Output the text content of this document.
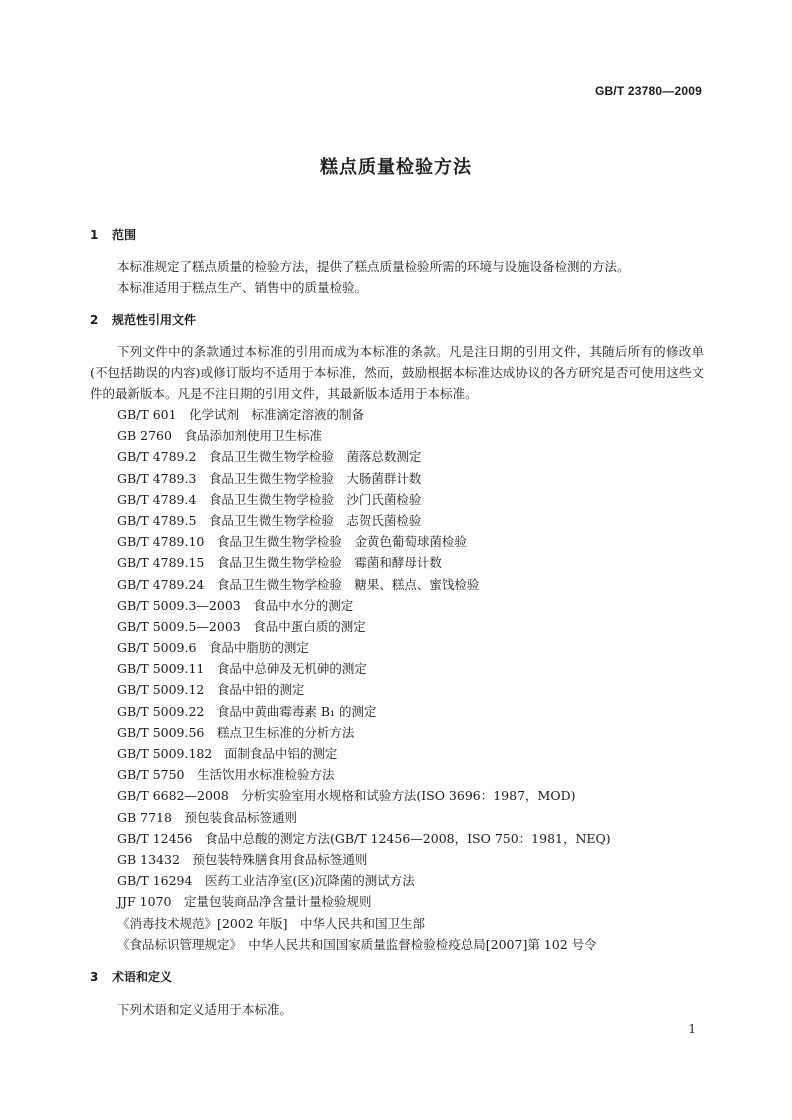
GB/T 23780—2009
糕点质量检验方法
1 范围
本标准规定了糕点质量的检验方法，提供了糕点质量检验所需的环境与设施设备检测的方法。
本标准适用于糕点生产、销售中的质量检验。
2 规范性引用文件
下列文件中的条款通过本标准的引用而成为本标准的条款。凡是注日期的引用文件，其随后所有的修改单(不包括勘误的内容)或修订版均不适用于本标准，然而，鼓励根据本标准达成协议的各方研究是否可使用这些文件的最新版本。凡是不注日期的引用文件，其最新版本适用于本标准。
GB/T 601　化学试剂　标准滴定溶液的制备
GB 2760　食品添加剂使用卫生标准
GB/T 4789.2　食品卫生微生物学检验　菌落总数测定
GB/T 4789.3　食品卫生微生物学检验　大肠菌群计数
GB/T 4789.4　食品卫生微生物学检验　沙门氏菌检验
GB/T 4789.5　食品卫生微生物学检验　志贺氏菌检验
GB/T 4789.10　食品卫生微生物学检验　金黄色葡萄球菌检验
GB/T 4789.15　食品卫生微生物学检验　霉菌和酵母计数
GB/T 4789.24　食品卫生微生物学检验　糖果、糕点、蜜饯检验
GB/T 5009.3—2003　食品中水分的测定
GB/T 5009.5—2003　食品中蛋白质的测定
GB/T 5009.6　食品中脂肪的测定
GB/T 5009.11　食品中总砷及无机砷的测定
GB/T 5009.12　食品中铅的测定
GB/T 5009.22　食品中黄曲霉毒素 B₁ 的测定
GB/T 5009.56　糕点卫生标准的分析方法
GB/T 5009.182　面制食品中铝的测定
GB/T 5750　生活饮用水标准检验方法
GB/T 6682—2008　分析实验室用水规格和试验方法(ISO 3696：1987，MOD)
GB 7718　预包装食品标签通则
GB/T 12456　食品中总酸的测定方法(GB/T 12456—2008，ISO 750：1981，NEQ)
GB 13432　预包装特殊膳食用食品标签通则
GB/T 16294　医药工业洁净室(区)沉降菌的测试方法
JJF 1070　定量包装商品净含量计量检验规则
《消毒技术规范》[2002 年版]　中华人民共和国卫生部
《食品标识管理规定》　中华人民共和国国家质量监督检验检疫总局[2007]第 102 号令
3 术语和定义
下列术语和定义适用于本标准。
1
